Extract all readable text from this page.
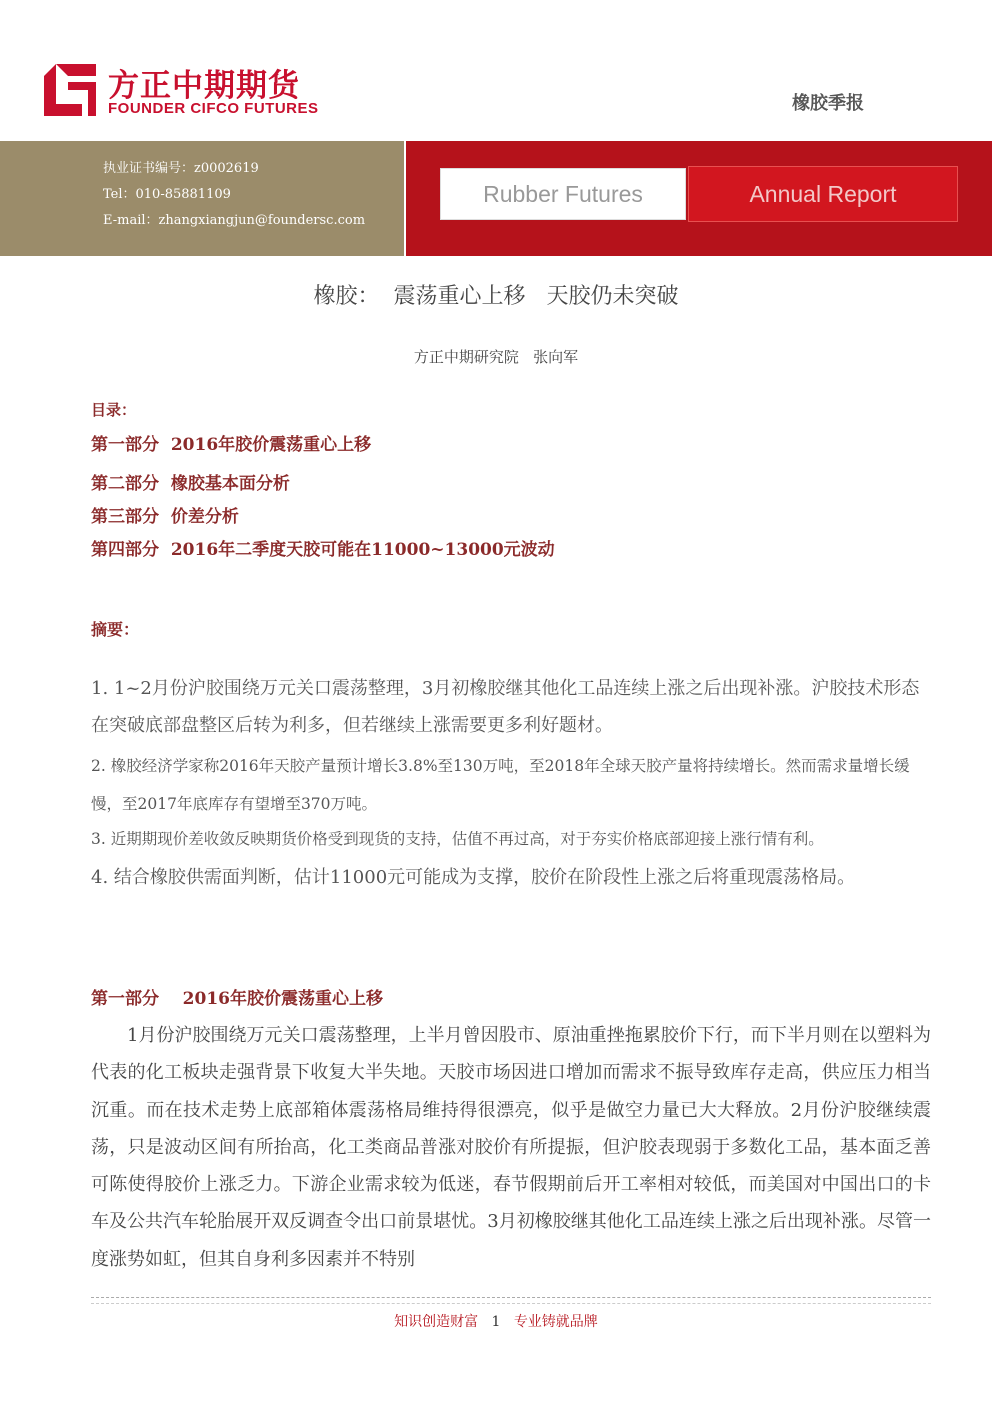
方正中期期货
FOUNDER CIFCO FUTURES	橡胶季报
执业证书编号：z0002619
Tel：010-85881109
E-mail：zhangxiangjun@foundersc.com
Rubber Futures	Annual Report
橡胶：  震荡重心上移   天胶仍未突破
方正中期研究院   张向军
目录：
第一部分  2016年胶价震荡重心上移
第二部分  橡胶基本面分析
第三部分  价差分析
第四部分  2016年二季度天胶可能在11000~13000元波动
摘要：
1. 1~2月份沪胶围绕万元关口震荡整理，3月初橡胶继其他化工品连续上涨之后出现补涨。沪胶技术形态在突破底部盘整区后转为利多，但若继续上涨需要更多利好题材。
2. 橡胶经济学家称2016年天胶产量预计增长3.8%至130万吨，至2018年全球天胶产量将持续增长。然而需求量增长缓慢，至2017年底库存有望增至370万吨。
3. 近期期现价差收敛反映期货价格受到现货的支持，估值不再过高，对于夯实价格底部迎接上涨行情有利。
4. 结合橡胶供需面判断，估计11000元可能成为支撑，胶价在阶段性上涨之后将重现震荡格局。
第一部分    2016年胶价震荡重心上移
1月份沪胶围绕万元关口震荡整理，上半月曾因股市、原油重挫拖累胶价下行，而下半月则在以塑料为代表的化工板块走强背景下收复大半失地。天胶市场因进口增加而需求不振导致库存走高，供应压力相当沉重。而在技术走势上底部箱体震荡格局维持得很漂亮，似乎是做空力量已大大释放。2月份沪胶继续震荡，只是波动区间有所抬高，化工类商品普涨对胶价有所提振，但沪胶表现弱于多数化工品，基本面乏善可陈使得胶价上涨乏力。下游企业需求较为低迷，春节假期前后开工率相对较低，而美国对中国出口的卡车及公共汽车轮胎展开双反调查令出口前景堪忧。3月初橡胶继其他化工品连续上涨之后出现补涨。尽管一度涨势如虹，但其自身利多因素并不特别
知识创造财富 1 专业铸就品牌
